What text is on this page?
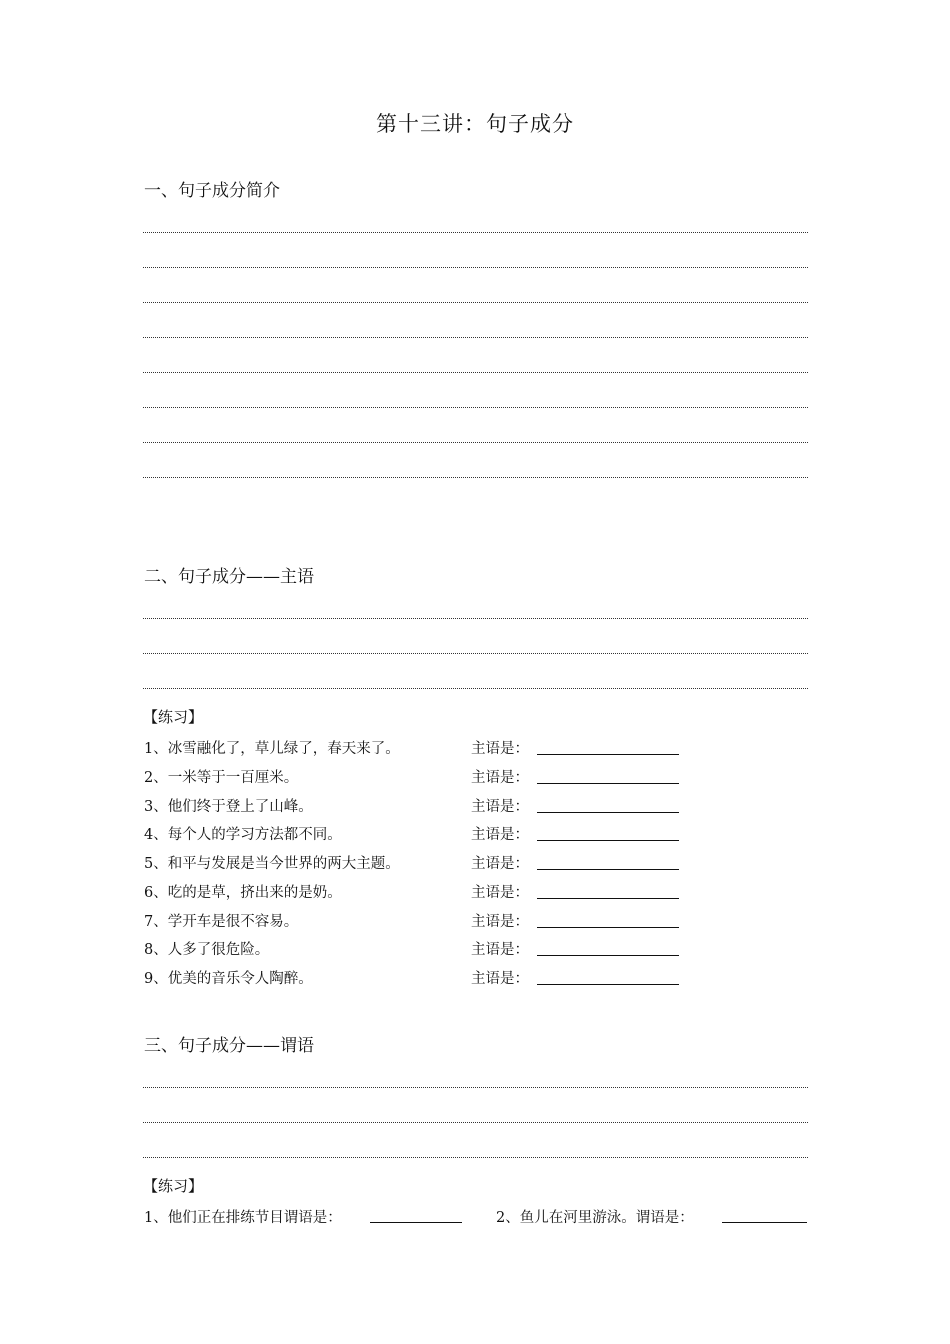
第十三讲：句子成分
一、句子成分简介
二、句子成分——主语
【练习】
1、冰雪融化了，草儿绿了，春天来了。	主语是：
2、一米等于一百厘米。	主语是：
3、他们终于登上了山峰。	主语是：
4、每个人的学习方法都不同。	主语是：
5、和平与发展是当今世界的两大主题。	主语是：
6、吃的是草，挤出来的是奶。	主语是：
7、学开车是很不容易。	主语是：
8、人多了很危险。	主语是：
9、优美的音乐令人陶醉。	主语是：
三、句子成分——谓语
【练习】
1、他们正在排练节目谓语是：	2、鱼儿在河里游泳。谓语是：
